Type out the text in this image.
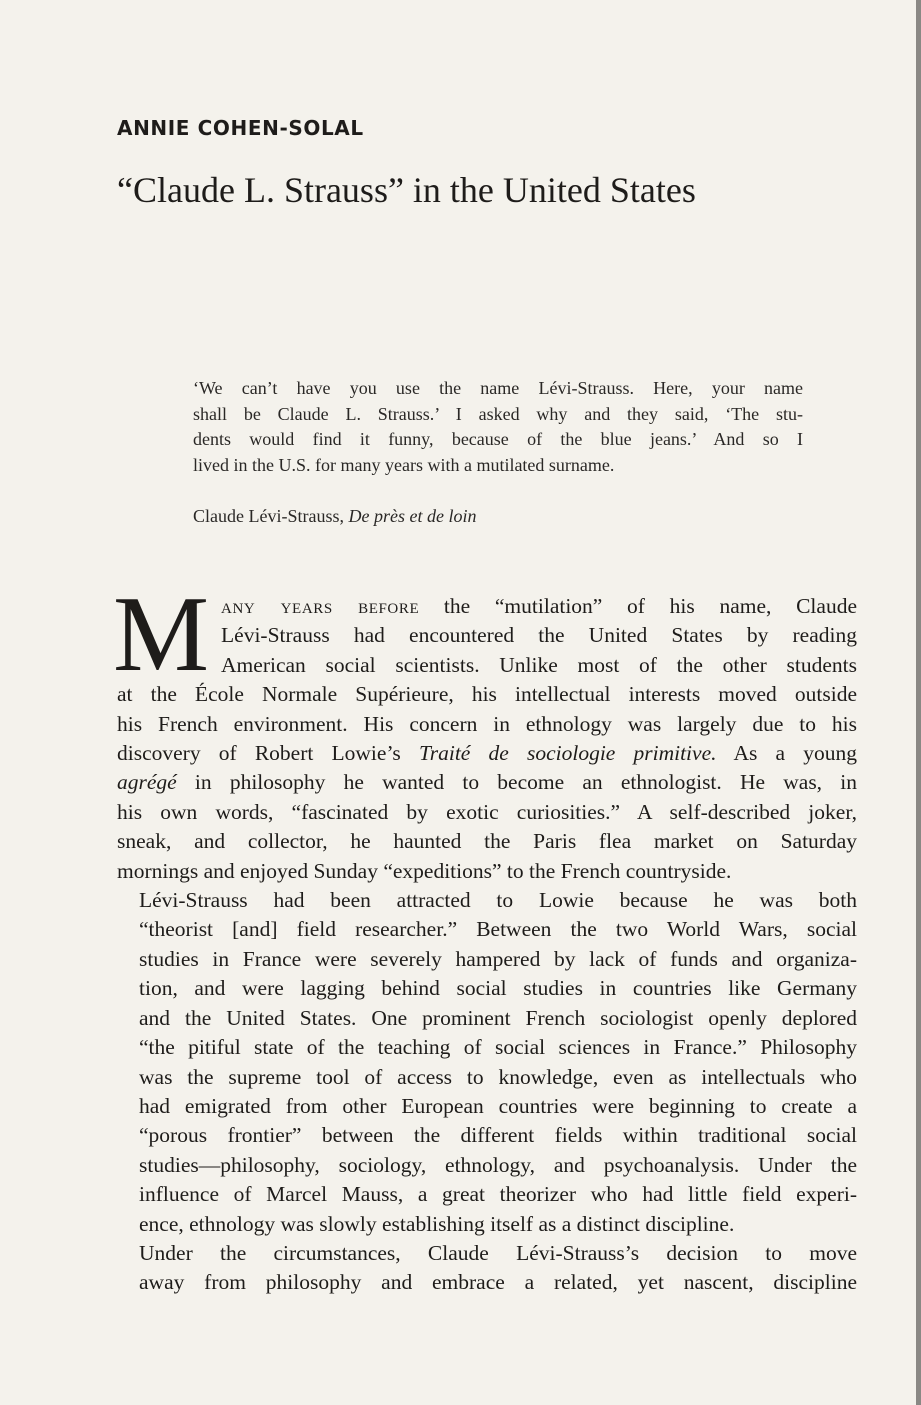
ANNIE COHEN-SOLAL
“Claude L. Strauss” in the United States

‘We can’t have you use the name Lévi-Strauss. Here, your name
shall be Claude L. Strauss.’ I asked why and they said, ‘The stu-
dents would find it funny, because of the blue jeans.’ And so I
lived in the U.S. for many years with a mutilated surname.

Claude Lévi-Strauss, De près et de loin

M any years before the “mutilation” of his name, Claude
Lévi-Strauss had encountered the United States by reading
American social scientists. Unlike most of the other students
at the École Normale Supérieure, his intellectual interests moved outside
his French environment. His concern in ethnology was largely due to his
discovery of Robert Lowie’s Traité de sociologie primitive. As a young
agrégé in philosophy he wanted to become an ethnologist. He was, in
his own words, “fascinated by exotic curiosities.” A self-described joker,
sneak, and collector, he haunted the Paris flea market on Saturday
mornings and enjoyed Sunday “expeditions” to the French countryside.

Lévi-Strauss had been attracted to Lowie because he was both
“theorist [and] field researcher.” Between the two World Wars, social
studies in France were severely hampered by lack of funds and organiza-
tion, and were lagging behind social studies in countries like Germany
and the United States. One prominent French sociologist openly deplored
“the pitiful state of the teaching of social sciences in France.” Philosophy
was the supreme tool of access to knowledge, even as intellectuals who
had emigrated from other European countries were beginning to create a
“porous frontier” between the different fields within traditional social
studies—philosophy, sociology, ethnology, and psychoanalysis. Under the
influence of Marcel Mauss, a great theorizer who had little field experi-
ence, ethnology was slowly establishing itself as a distinct discipline.

Under the circumstances, Claude Lévi-Strauss’s decision to move
away from philosophy and embrace a related, yet nascent, discipline
